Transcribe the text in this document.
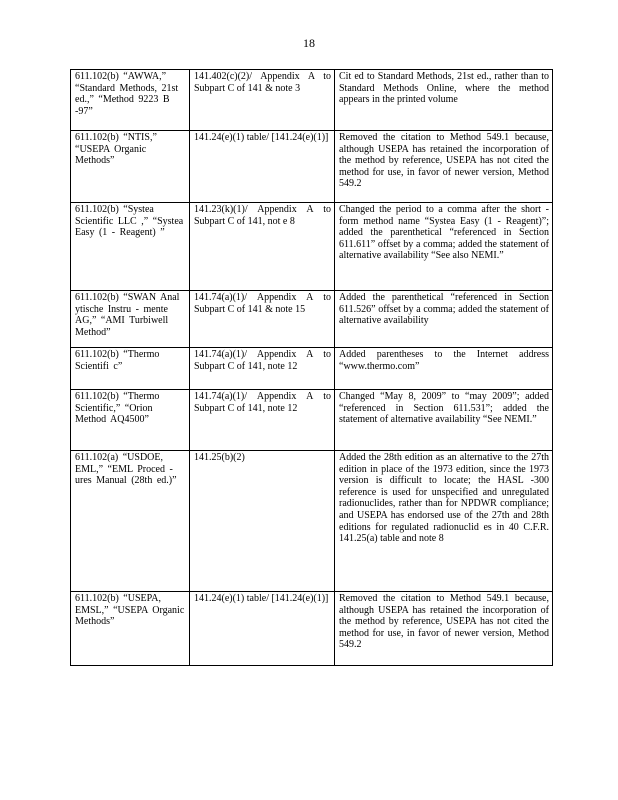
18
611.102(b) “AWWA,” “Standard Methods, 21st ed.,” “Method 9223 B -97”	141.402(c)(2)/ Appendix A to Subpart C of 141 & note 3	Cit ed to Standard Methods, 21st ed., rather than to Standard Methods Online, where the method appears in the printed volume
611.102(b) “NTIS,” “USEPA Organic Methods”	141.24(e)(1) table/ [141.24(e)(1)]	Removed the citation to Method 549.1 because, although USEPA has retained the incorporation of the method by reference, USEPA has not cited the method for use, in favor of newer version, Method 549.2
611.102(b) “Systea Scientific LLC ,” “Systea Easy (1 - Reagent) ”	141.23(k)(1)/ Appendix A to Subpart C of 141, not e 8	Changed the period to a comma after the short -form method name “Systea Easy (1 - Reagent)”; added the parenthetical “referenced in Section 611.611” offset by a comma; added the statement of alternative availability “See also NEMI.”
611.102(b) “SWAN Anal ytische Instru - mente AG,” “AMI Turbiwell Method”	141.74(a)(1)/ Appendix A to Subpart C of 141 & note 15	Added the parenthetical “referenced in Section 611.526” offset by a comma; added the statement of alternative availability
611.102(b) “Thermo Scientifi c”	141.74(a)(1)/ Appendix A to Subpart C of 141, note 12	Added parentheses to the Internet address “www.thermo.com”
611.102(b) “Thermo Scientific,” “Orion Method AQ4500”	141.74(a)(1)/ Appendix A to Subpart C of 141, note 12	Changed “May 8, 2009” to “may 2009”; added “referenced in Section 611.531”; added the statement of alternative availability “See NEMI.”
611.102(a) “USDOE, EML,” “EML Proced - ures Manual (28th ed.)”	141.25(b)(2)	Added the 28th edition as an alternative to the 27th edition in place of the 1973 edition, since the 1973 version is difficult to locate; the HASL -300 reference is used for unspecified and unregulated radionuclides, rather than for NPDWR compliance; and USEPA has endorsed use of the 27th and 28th editions for regulated radionuclid es in 40 C.F.R. 141.25(a) table and note 8
611.102(b) “USEPA, EMSL,” “USEPA Organic Methods”	141.24(e)(1) table/ [141.24(e)(1)]	Removed the citation to Method 549.1 because, although USEPA has retained the incorporation of the method by reference, USEPA has not cited the method for use, in favor of newer version, Method 549.2
